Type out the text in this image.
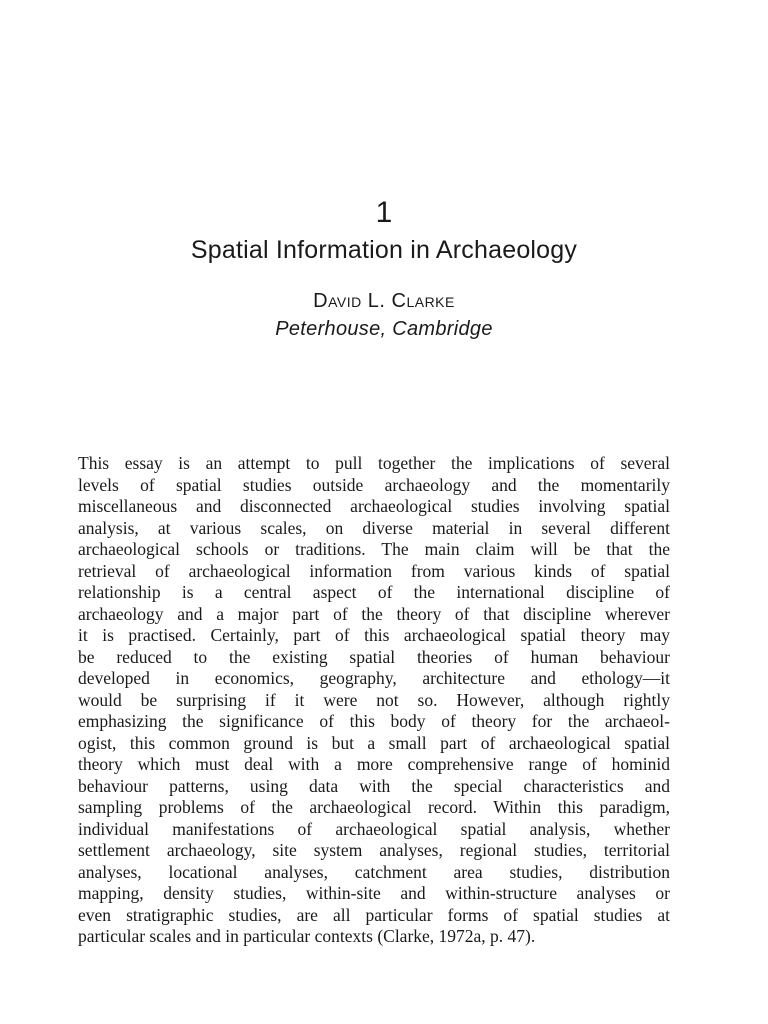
1
Spatial Information in Archaeology
David L. Clarke
Peterhouse, Cambridge
This essay is an attempt to pull together the implications of several
levels of spatial studies outside archaeology and the momentarily
miscellaneous and disconnected archaeological studies involving spatial
analysis, at various scales, on diverse material in several different
archaeological schools or traditions. The main claim will be that the
retrieval of archaeological information from various kinds of spatial
relationship is a central aspect of the international discipline of
archaeology and a major part of the theory of that discipline wherever
it is practised. Certainly, part of this archaeological spatial theory may
be reduced to the existing spatial theories of human behaviour
developed in economics, geography, architecture and ethology—it
would be surprising if it were not so. However, although rightly
emphasizing the significance of this body of theory for the archaeol-
ogist, this common ground is but a small part of archaeological spatial
theory which must deal with a more comprehensive range of hominid
behaviour patterns, using data with the special characteristics and
sampling problems of the archaeological record. Within this paradigm,
individual manifestations of archaeological spatial analysis, whether
settlement archaeology, site system analyses, regional studies, territorial
analyses, locational analyses, catchment area studies, distribution
mapping, density studies, within-site and within-structure analyses or
even stratigraphic studies, are all particular forms of spatial studies at
particular scales and in particular contexts (Clarke, 1972a, p. 47).
